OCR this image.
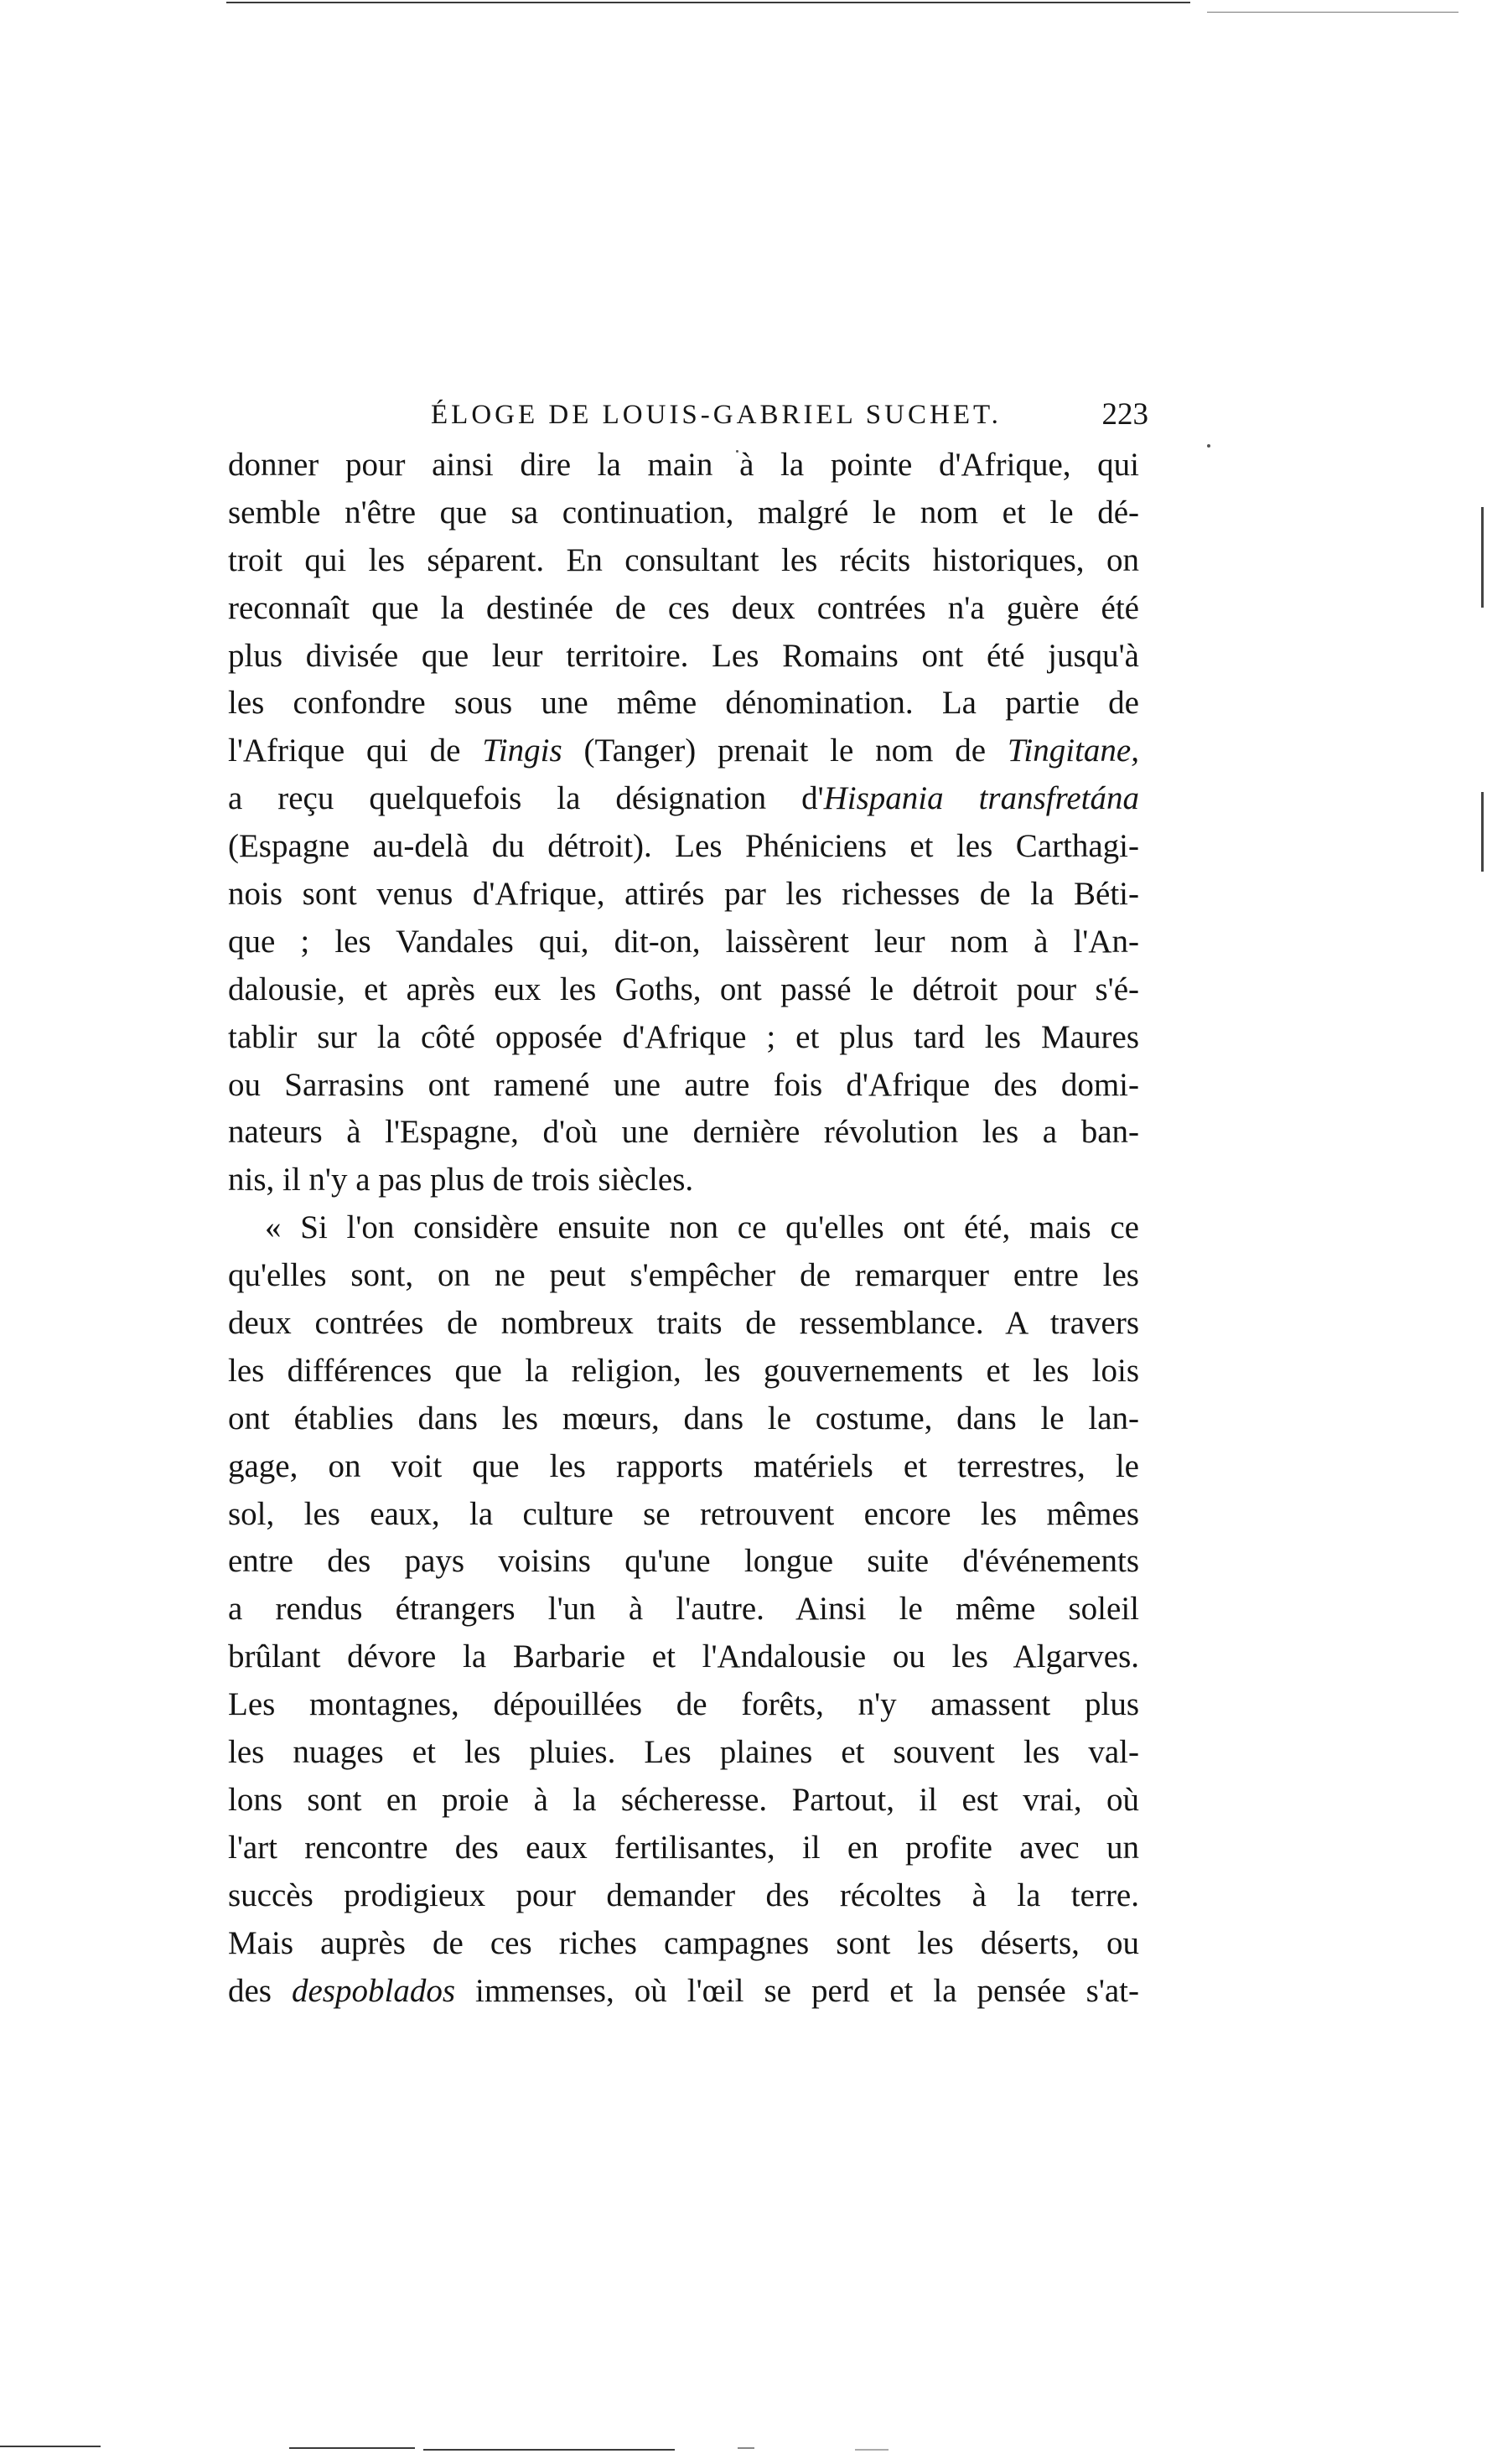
ÉLOGE DE LOUIS-GABRIEL SUCHET.	223
donner pour ainsi dire la main à la pointe d'Afrique, qui
semble n'être que sa continuation, malgré le nom et le dé-
troit qui les séparent. En consultant les récits historiques, on
reconnaît que la destinée de ces deux contrées n'a guère été
plus divisée que leur territoire. Les Romains ont été jusqu'à
les confondre sous une même dénomination. La partie de
l'Afrique qui de Tingis (Tanger) prenait le nom de Tingitane,
a reçu quelquefois la désignation d'Hispania transfretána
(Espagne au-delà du détroit). Les Phéniciens et les Carthagi-
nois sont venus d'Afrique, attirés par les richesses de la Béti-
que ; les Vandales qui, dit-on, laissèrent leur nom à l'An-
dalousie, et après eux les Goths, ont passé le détroit pour s'é-
tablir sur la côté opposée d'Afrique ; et plus tard les Maures
ou Sarrasins ont ramené une autre fois d'Afrique des domi-
nateurs à l'Espagne, d'où une dernière révolution les a ban-
nis, il n'y a pas plus de trois siècles.
« Si l'on considère ensuite non ce qu'elles ont été, mais ce
qu'elles sont, on ne peut s'empêcher de remarquer entre les
deux contrées de nombreux traits de ressemblance. A travers
les différences que la religion, les gouvernements et les lois
ont établies dans les mœurs, dans le costume, dans le lan-
gage, on voit que les rapports matériels et terrestres, le
sol, les eaux, la culture se retrouvent encore les mêmes
entre des pays voisins qu'une longue suite d'événements
a rendus étrangers l'un à l'autre. Ainsi le même soleil
brûlant dévore la Barbarie et l'Andalousie ou les Algarves.
Les montagnes, dépouillées de forêts, n'y amassent plus
les nuages et les pluies. Les plaines et souvent les val-
lons sont en proie à la sécheresse. Partout, il est vrai, où
l'art rencontre des eaux fertilisantes, il en profite avec un
succès prodigieux pour demander des récoltes à la terre.
Mais auprès de ces riches campagnes sont les déserts, ou
des despoblados immenses, où l'œil se perd et la pensée s'at-
